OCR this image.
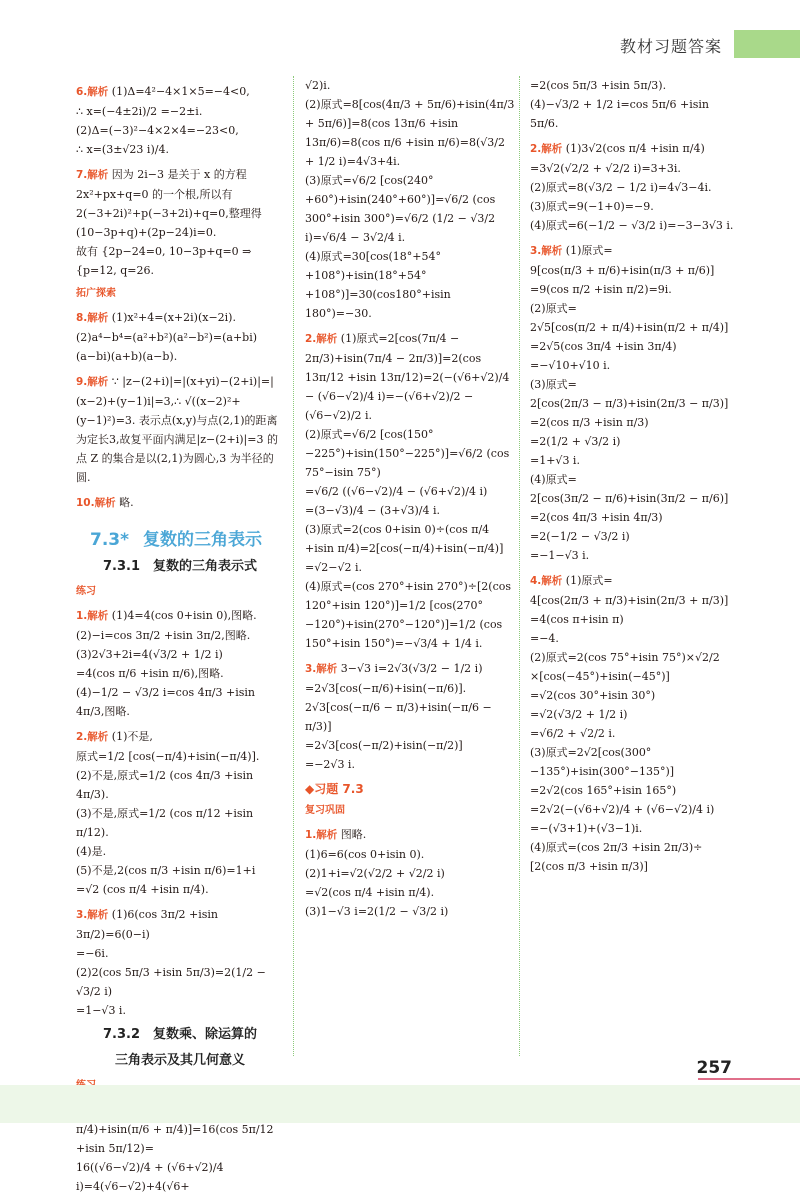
教材习题答案

6.解析 (1)Δ=4²−4×1×5=−4<0,

∴ x=(−4±2i)/2 =−2±i.

(2)Δ=(−3)²−4×2×4=−23<0,

∴ x=(3±√23 i)/4.

7.解析 因为 2i−3 是关于 x 的方程 2x²+px+q=0 的一个根,所以有2(−3+2i)²+p(−3+2i)+q=0,整理得(10−3p+q)+(2p−24)i=0.

故有 {2p−24=0, 10−3p+q=0 ⇒ {p=12, q=26.

拓广探索

8.解析 (1)x²+4=(x+2i)(x−2i).

(2)a⁴−b⁴=(a²+b²)(a²−b²)=(a+bi)(a−bi)(a+b)(a−b).

9.解析 ∵ |z−(2+i)|=|(x+yi)−(2+i)|=|(x−2)+(y−1)i|=3,∴ √((x−2)²+(y−1)²)=3. 表示点(x,y)与点(2,1)的距离为定长3,故复平面内满足|z−(2+i)|=3 的点 Z 的集合是以(2,1)为圆心,3 为半径的圆.

10.解析 略.

7.3* 复数的三角表示
7.3.1　复数的三角表示式
练习

1.解析 (1)4=4(cos 0+isin 0),图略.

(2)−i=cos 3π/2 +isin 3π/2,图略.

(3)2√3+2i=4(√3/2 + 1/2 i)

=4(cos π/6 +isin π/6),图略.

(4)−1/2 − √3/2 i=cos 4π/3 +isin 4π/3,图略.

2.解析 (1)不是,

原式=1/2 [cos(−π/4)+isin(−π/4)].

(2)不是,原式=1/2 (cos 4π/3 +isin 4π/3).

(3)不是,原式=1/2 (cos π/12 +isin π/12).

(4)是.

(5)不是,2(cos π/3 +isin π/6)=1+i

=√2 (cos π/4 +isin π/4).

3.解析 (1)6(cos 3π/2 +isin 3π/2)=6(0−i)

=−6i.

(2)2(cos 5π/3 +isin 5π/3)=2(1/2 − √3/2 i)

=1−√3 i.

7.3.2　复数乘、除运算的
三角表示及其几何意义

π/4)+isin(π/6 + π/4)]=16(cos 5π/12 +isin 5π/12)=

16((√6−√2)/4 + (√6+√2)/4 i)=4(√6−√2)+4(√6+

√2)i.

(2)原式=8[cos(4π/3 + 5π/6)+isin(4π/3 + 5π/6)]=8(cos 13π/6 +isin 13π/6)=8(cos π/6 +isin π/6)=8(√3/2 + 1/2 i)=4√3+4i.

(3)原式=√6/2 [cos(240°+60°)+isin(240°+60°)]=√6/2 (cos 300°+isin 300°)=√6/2 (1/2 − √3/2 i)=√6/4 − 3√2/4 i.

(4)原式=30[cos(18°+54°+108°)+isin(18°+54°+108°)]=30(cos180°+isin 180°)=−30.

2.解析 (1)原式=2[cos(7π/4 − 2π/3)+isin(7π/4 − 2π/3)]=2(cos 13π/12 +isin 13π/12)=2(−(√6+√2)/4 − (√6−√2)/4 i)=−(√6+√2)/2 − (√6−√2)/2 i.

(2)原式=√6/2 [cos(150°−225°)+isin(150°−225°)]=√6/2 (cos 75°−isin 75°)

=√6/2 ((√6−√2)/4 − (√6+√2)/4 i)

=(3−√3)/4 − (3+√3)/4 i.

(3)原式=2(cos 0+isin 0)÷(cos π/4 +isin π/4)=2[cos(−π/4)+isin(−π/4)]

=√2−√2 i.

(4)原式=(cos 270°+isin 270°)÷[2(cos 120°+isin 120°)]=1/2 [cos(270°−120°)+isin(270°−120°)]=1/2 (cos 150°+isin 150°)=−√3/4 + 1/4 i.

3.解析 3−√3 i=2√3(√3/2 − 1/2 i)

=2√3[cos(−π/6)+isin(−π/6)].

2√3[cos(−π/6 − π/3)+isin(−π/6 − π/3)]

=2√3[cos(−π/2)+isin(−π/2)]

=−2√3 i.

◆习题 7.3
复习巩固

1.解析 图略.

(1)6=6(cos 0+isin 0).

(2)1+i=√2(√2/2 + √2/2 i)

=√2(cos π/4 +isin π/4).

(3)1−√3 i=2(1/2 − √3/2 i)

=2(cos 5π/3 +isin 5π/3).

(4)−√3/2 + 1/2 i=cos 5π/6 +isin 5π/6.

2.解析 (1)3√2(cos π/4 +isin π/4)

=3√2(√2/2 + √2/2 i)=3+3i.

(2)原式=8(√3/2 − 1/2 i)=4√3−4i.

(3)原式=9(−1+0)=−9.

(4)原式=6(−1/2 − √3/2 i)=−3−3√3 i.

3.解析 (1)原式=

9[cos(π/3 + π/6)+isin(π/3 + π/6)]

=9(cos π/2 +isin π/2)=9i.

(2)原式=

2√5[cos(π/2 + π/4)+isin(π/2 + π/4)]

=2√5(cos 3π/4 +isin 3π/4)

=−√10+√10 i.

(3)原式=

2[cos(2π/3 − π/3)+isin(2π/3 − π/3)]

=2(cos π/3 +isin π/3)

=2(1/2 + √3/2 i)

=1+√3 i.

(4)原式=

2[cos(3π/2 − π/6)+isin(3π/2 − π/6)]

=2(cos 4π/3 +isin 4π/3)

=2(−1/2 − √3/2 i)

=−1−√3 i.

4.解析 (1)原式=

4[cos(2π/3 + π/3)+isin(2π/3 + π/3)]

=4(cos π+isin π)

=−4.

(2)原式=2(cos 75°+isin 75°)×√2/2 ×[cos(−45°)+isin(−45°)]

=√2(cos 30°+isin 30°)

=√2(√3/2 + 1/2 i)

=√6/2 + √2/2 i.

(3)原式=2√2[cos(300°−135°)+isin(300°−135°)]

=2√2(cos 165°+isin 165°)

=2√2(−(√6+√2)/4 + (√6−√2)/4 i)

=−(√3+1)+(√3−1)i.

(4)原式=(cos 2π/3 +isin 2π/3)÷

[2(cos π/3 +isin π/3)]

257
